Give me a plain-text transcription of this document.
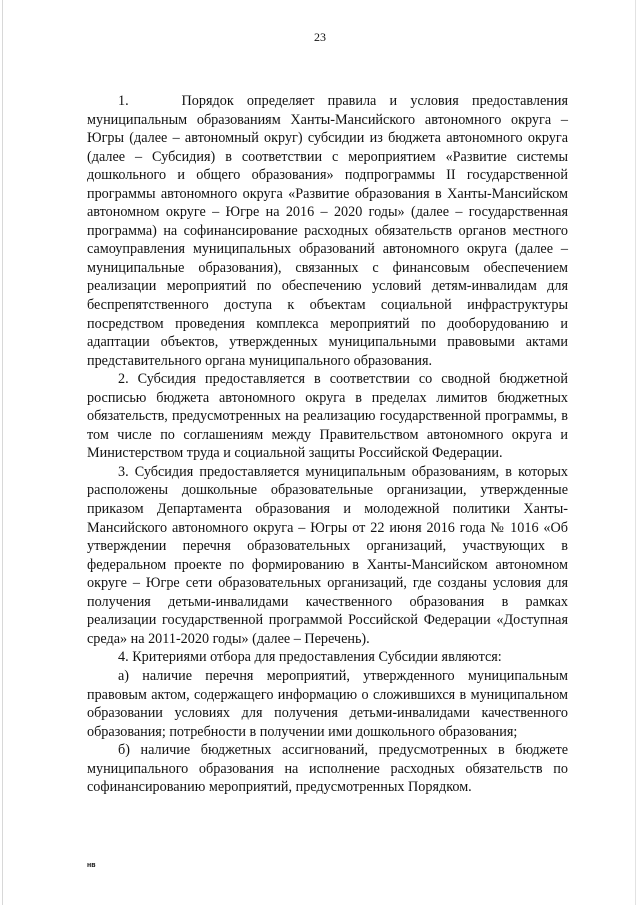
23

1.    Порядок определяет правила и условия предоставления муниципальным образованиям Ханты-Мансийского автономного округа – Югры (далее – автономный округ) субсидии из бюджета автономного округа (далее – Субсидия) в соответствии с мероприятием «Развитие системы дошкольного и общего образования» подпрограммы II государственной программы автономного округа «Развитие образования в Ханты-Мансийском автономном округе – Югре на 2016 – 2020 годы» (далее – государственная программа) на софинансирование расходных обязательств органов местного самоуправления муниципальных образований автономного округа (далее – муниципальные образования), связанных с финансовым обеспечением реализации мероприятий по обеспечению условий детям-инвалидам для беспрепятственного доступа к объектам социальной инфраструктуры посредством проведения комплекса мероприятий по дооборудованию и адаптации объектов, утвержденных муниципальными правовыми актами представительного органа муниципального образования.

2. Субсидия предоставляется в соответствии со сводной бюджетной росписью бюджета автономного округа в пределах лимитов бюджетных обязательств, предусмотренных на реализацию государственной программы, в том числе по соглашениям между Правительством автономного округа и Министерством труда и социальной защиты Российской Федерации.

3. Субсидия предоставляется муниципальным образованиям, в которых расположены дошкольные образовательные организации, утвержденные приказом Департамента образования и молодежной политики Ханты-Мансийского автономного округа – Югры от 22 июня 2016 года № 1016 «Об утверждении перечня образовательных организаций, участвующих в федеральном проекте по формированию в Ханты-Мансийском автономном округе – Югре сети образовательных организаций, где созданы условия для получения детьми-инвалидами качественного образования в рамках реализации государственной программой Российской Федерации «Доступная среда» на 2011-2020 годы» (далее – Перечень).

4. Критериями отбора для предоставления Субсидии являются:

а) наличие перечня мероприятий, утвержденного муниципальным правовым актом, содержащего информацию о сложившихся в муниципальном образовании условиях для получения детьми-инвалидами качественного образования; потребности в получении ими дошкольного образования;

б) наличие бюджетных ассигнований, предусмотренных в бюджете муниципального образования на исполнение расходных обязательств по софинансированию мероприятий, предусмотренных Порядком.

нв
